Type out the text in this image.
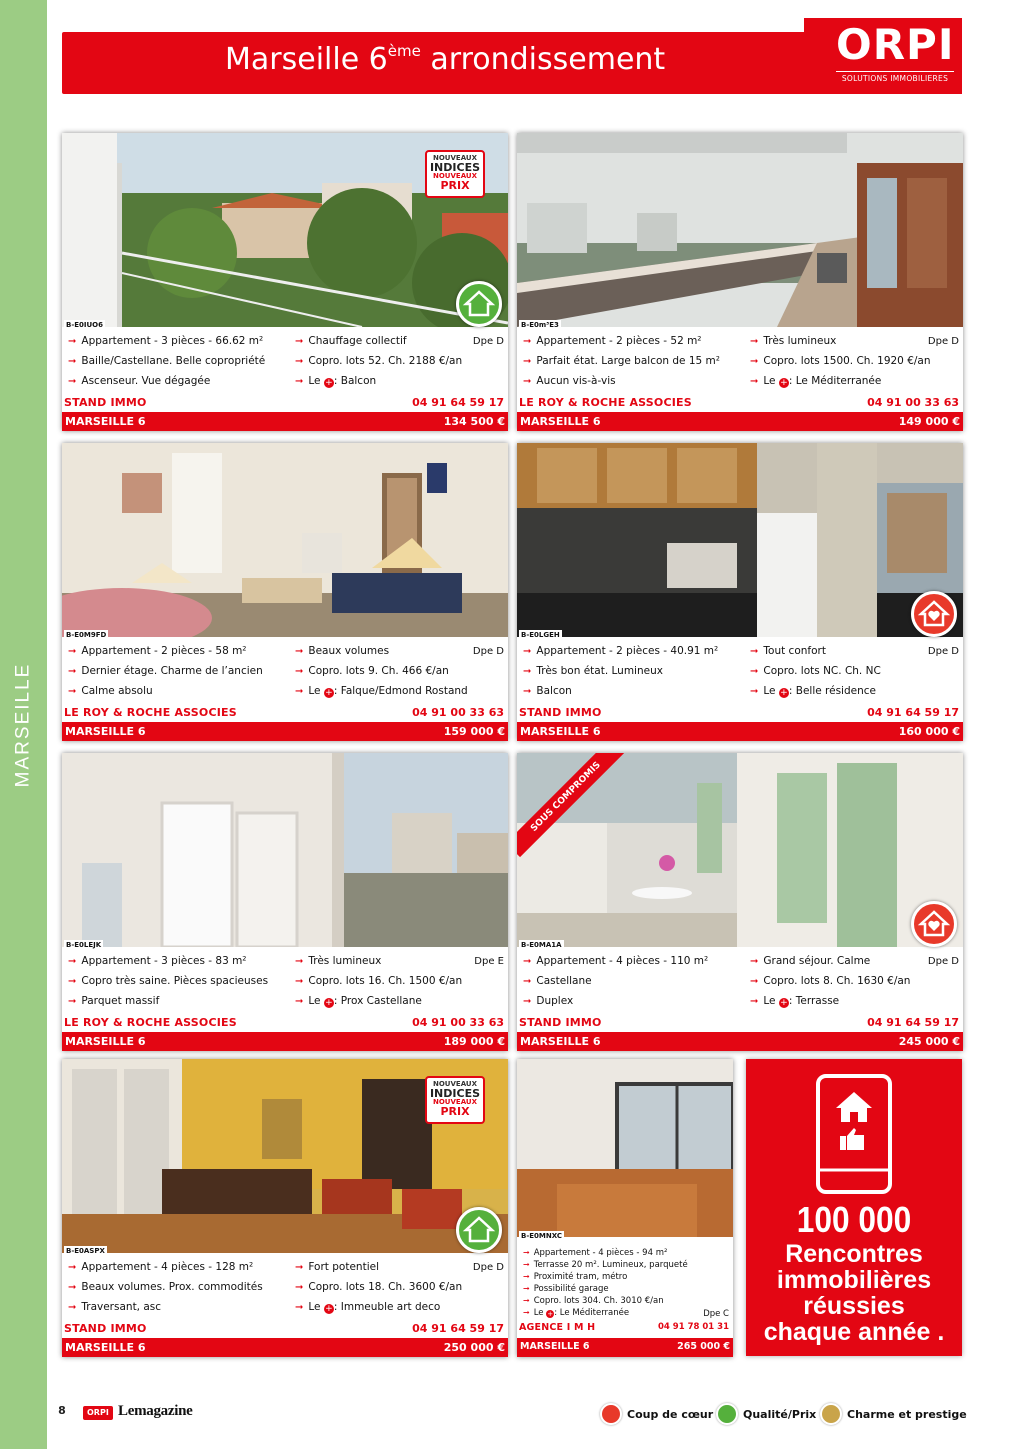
MARSEILLE
Marseille 6ème arrondissement	ORPI
SOLUTIONS IMMOBILIERES
NOUVEAUX
INDICES
NOUVEAUX
PRIX
B-E0IUO6
➞ Appartement - 3 pièces - 66.62 m²
➞ Baille/Castellane. Belle copropriété
➞ Ascenseur. Vue dégagée
➞ Chauffage collectif
➞ Copro. lots 52. Ch. 2188 €/an
➞ Le +: Balcon
Dpe D
STAND IMMO	04 91 64 59 17
MARSEILLE 6	134 500 €
B-E0m³E3
➞ Appartement - 2 pièces - 52 m²
➞ Parfait état. Large balcon de 15 m²
➞ Aucun vis-à-vis
➞ Très lumineux
➞ Copro. lots 1500. Ch. 1920 €/an
➞ Le +: Le Méditerranée
Dpe D
LE ROY & ROCHE ASSOCIES	04 91 00 33 63
MARSEILLE 6	149 000 €
B-E0M9FD
➞ Appartement - 2 pièces - 58 m²
➞ Dernier étage. Charme de l’ancien
➞ Calme absolu
➞ Beaux volumes
➞ Copro. lots 9. Ch. 466 €/an
➞ Le +: Falque/Edmond Rostand
Dpe D
LE ROY & ROCHE ASSOCIES	04 91 00 33 63
MARSEILLE 6	159 000 €
B-E0LGEH
➞ Appartement - 2 pièces - 40.91 m²
➞ Très bon état. Lumineux
➞ Balcon
➞ Tout confort
➞ Copro. lots NC. Ch. NC
➞ Le +: Belle résidence
Dpe D
STAND IMMO	04 91 64 59 17
MARSEILLE 6	160 000 €
B-E0LEJK
➞ Appartement - 3 pièces - 83 m²
➞ Copro très saine. Pièces spacieuses
➞ Parquet massif
➞ Très lumineux
➞ Copro. lots 16. Ch. 1500 €/an
➞ Le +: Prox Castellane
Dpe E
LE ROY & ROCHE ASSOCIES	04 91 00 33 63
MARSEILLE 6	189 000 €
SOUS COMPROMIS
B-E0MA1A
➞ Appartement - 4 pièces - 110 m²
➞ Castellane
➞ Duplex
➞ Grand séjour. Calme
➞ Copro. lots 8. Ch. 1630 €/an
➞ Le +: Terrasse
Dpe D
STAND IMMO	04 91 64 59 17
MARSEILLE 6	245 000 €
NOUVEAUX
INDICES
NOUVEAUX
PRIX
B-E0ASPX
➞ Appartement - 4 pièces - 128 m²
➞ Beaux volumes. Prox. commodités
➞ Traversant, asc
➞ Fort potentiel
➞ Copro. lots 18. Ch. 3600 €/an
➞ Le +: Immeuble art deco
Dpe D
STAND IMMO	04 91 64 59 17
MARSEILLE 6	250 000 €
B-E0MNXC
➞ Appartement - 4 pièces - 94 m²
➞ Terrasse 20 m². Lumineux, parqueté
➞ Proximité tram, métro
➞ Possibilité garage
➞ Copro. lots 304. Ch. 3010 €/an
➞ Le +: Le Méditerranée	Dpe C
AGENCE I M H	04 91 78 01 31
MARSEILLE 6	265 000 €
100 000
Rencontres
immobilières
réussies
chaque année .
8	ORPI Lemagazine	Coup de cœur	Qualité/Prix	Charme et prestige
